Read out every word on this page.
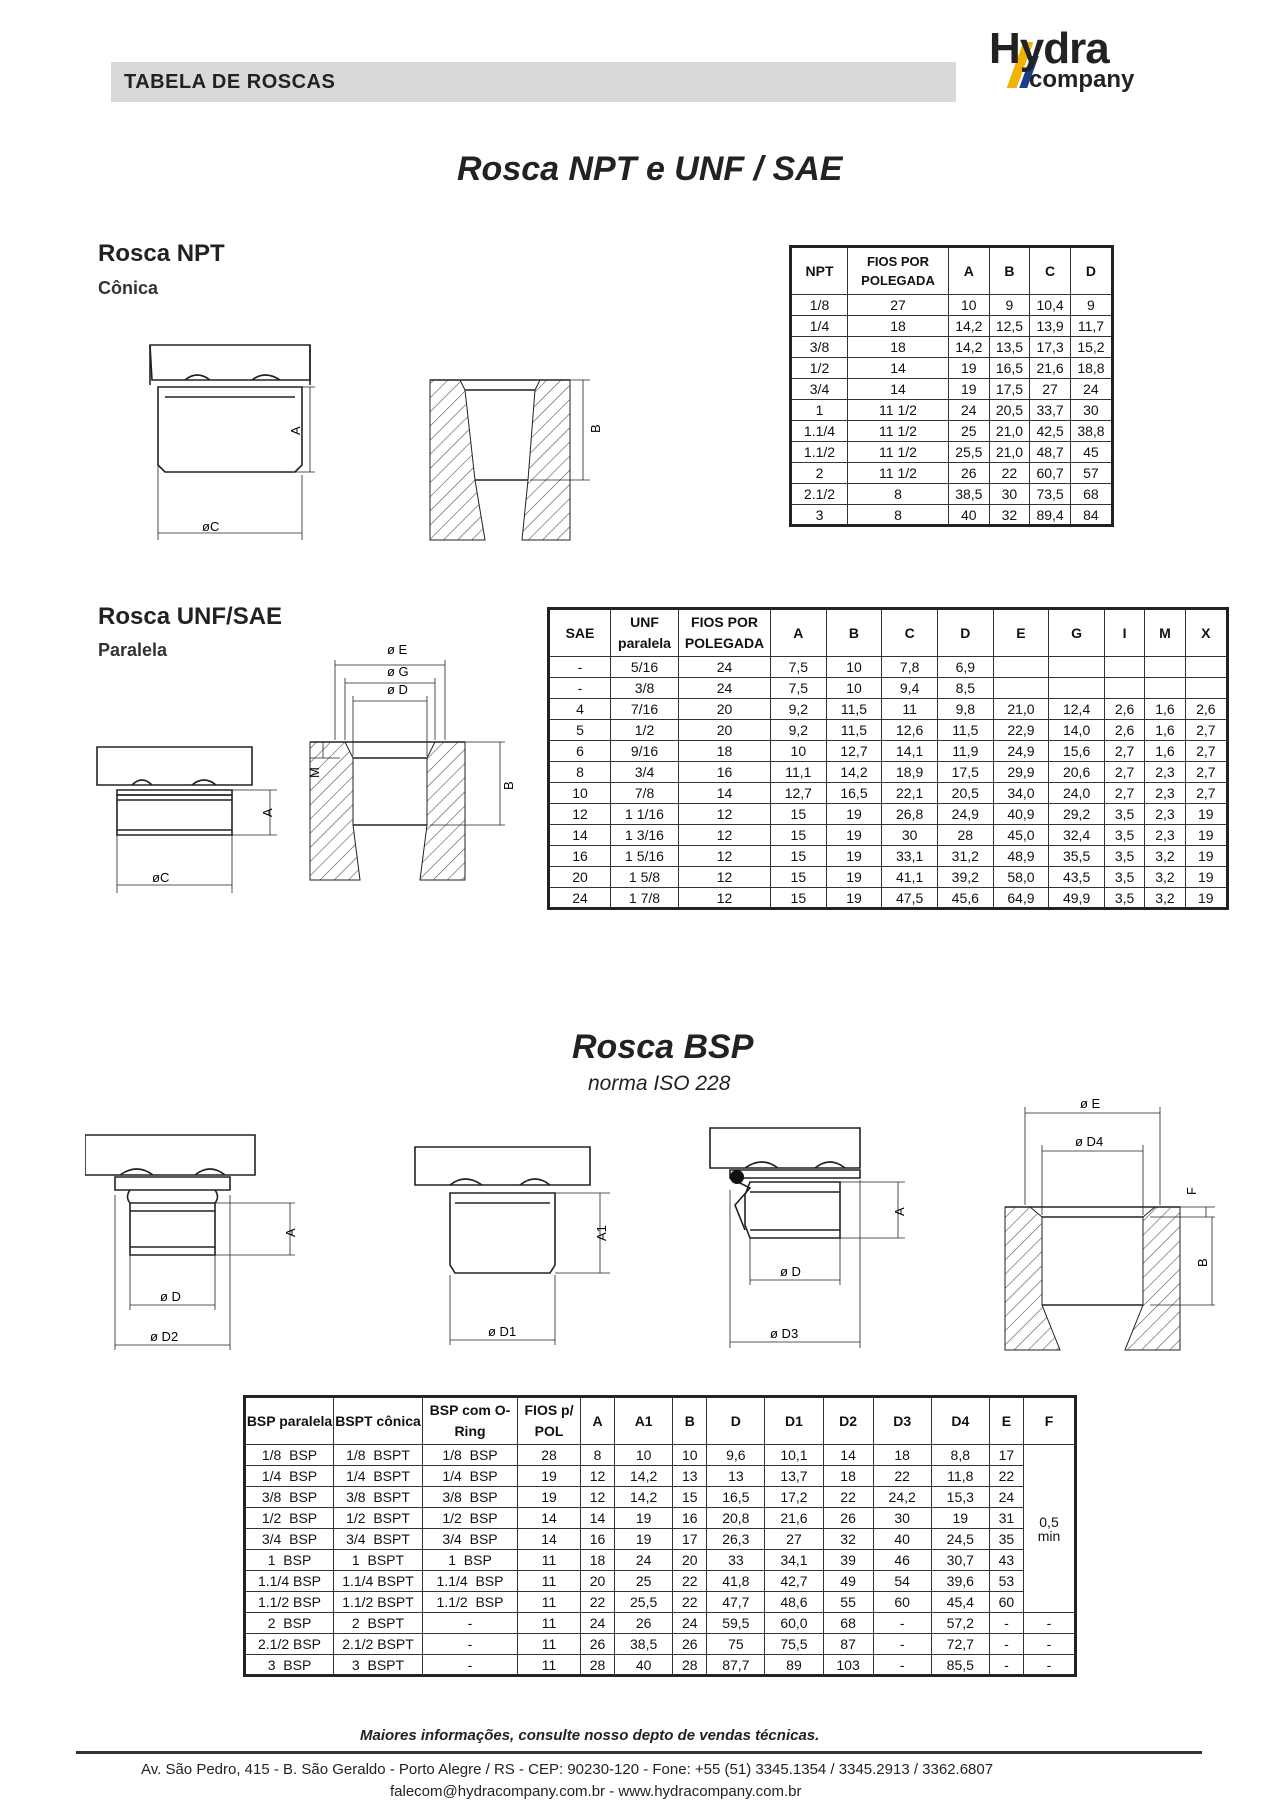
TABELA DE ROSCAS
Hydra
company
Rosca NPT e UNF / SAE
Rosca NPT
Cônica
øC
A	B
NPT	FIOS POR POLEGADA	A	B	C	D
1/8	27	10	9	10,4	9
1/4	18	14,2	12,5	13,9	11,7
3/8	18	14,2	13,5	17,3	15,2
1/2	14	19	16,5	21,6	18,8
3/4	14	19	17,5	27	24
1	11 1/2	24	20,5	33,7	30
1.1/4	11 1/2	25	21,0	42,5	38,8
1.1/2	11 1/2	25,5	21,0	48,7	45
2	11 1/2	26	22	60,7	57
2.1/2	8	38,5	30	73,5	68
3	8	40	32	89,4	84
Rosca UNF/SAE
Paralela
øC
A
ø E
ø G
ø D
M
B
SAE	UNF paralela	FIOS POR POLEGADA	A	B	C	D	E	G	I	M	X
-	5/16	24	7,5	10	7,8	6,9					
-	3/8	24	7,5	10	9,4	8,5					
4	7/16	20	9,2	11,5	11	9,8	21,0	12,4	2,6	1,6	2,6
5	1/2	20	9,2	11,5	12,6	11,5	22,9	14,0	2,6	1,6	2,7
6	9/16	18	10	12,7	14,1	11,9	24,9	15,6	2,7	1,6	2,7
8	3/4	16	11,1	14,2	18,9	17,5	29,9	20,6	2,7	2,3	2,7
10	7/8	14	12,7	16,5	22,1	20,5	34,0	24,0	2,7	2,3	2,7
12	1 1/16	12	15	19	26,8	24,9	40,9	29,2	3,5	2,3	19
14	1 3/16	12	15	19	30	28	45,0	32,4	3,5	2,3	19
16	1 5/16	12	15	19	33,1	31,2	48,9	35,5	3,5	3,2	19
20	1 5/8	12	15	19	41,1	39,2	58,0	43,5	3,5	3,2	19
24	1 7/8	12	15	19	47,5	45,6	64,9	49,9	3,5	3,2	19
Rosca BSP
norma ISO 228
ø D
ø D2
A
ø D1
A1
ø D
ø D3
A
ø E
ø D4
F
B
BSP paralela	BSPT cônica	BSP com O-Ring	FIOS p/ POL	A	A1	B	D	D1	D2	D3	D4	E	F
1/8  BSP	1/8  BSPT	1/8  BSP	28	8	10	10	9,6	10,1	14	18	8,8	17	0,5 min
1/4  BSP	1/4  BSPT	1/4  BSP	19	12	14,2	13	13	13,7	18	22	11,8	22	
3/8  BSP	3/8  BSPT	3/8  BSP	19	12	14,2	15	16,5	17,2	22	24,2	15,3	24	
1/2  BSP	1/2  BSPT	1/2  BSP	14	14	19	16	20,8	21,6	26	30	19	31	
3/4  BSP	3/4  BSPT	3/4  BSP	14	16	19	17	26,3	27	32	40	24,5	35	
1  BSP	1  BSPT	1  BSP	11	18	24	20	33	34,1	39	46	30,7	43	
1.1/4 BSP	1.1/4 BSPT	1.1/4  BSP	11	20	25	22	41,8	42,7	49	54	39,6	53	
1.1/2 BSP	1.1/2 BSPT	1.1/2  BSP	11	22	25,5	22	47,7	48,6	55	60	45,4	60	
2  BSP	2  BSPT	-	11	24	26	24	59,5	60,0	68	-	57,2	-	-
2.1/2 BSP	2.1/2 BSPT	-	11	26	38,5	26	75	75,5	87	-	72,7	-	-
3  BSP	3  BSPT	-	11	28	40	28	87,7	89	103	-	85,5	-	-
Maiores informações, consulte nosso depto de vendas técnicas.
Av. São Pedro, 415 - B. São Geraldo - Porto Alegre / RS - CEP: 90230-120 - Fone: +55 (51) 3345.1354 / 3345.2913 / 3362.6807
falecom@hydracompany.com.br - www.hydracompany.com.br
